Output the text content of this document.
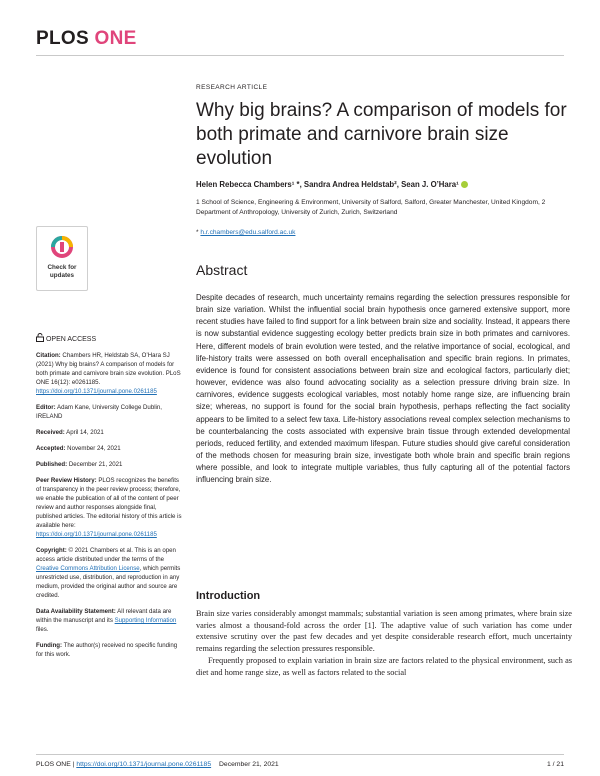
PLOS ONE
RESEARCH ARTICLE
Why big brains? A comparison of models for both primate and carnivore brain size evolution
Helen Rebecca Chambers¹ *, Sandra Andrea Heldstab², Sean J. O’Hara¹
1 School of Science, Engineering & Environment, University of Salford, Salford, Greater Manchester, United Kingdom, 2 Department of Anthropology, University of Zurich, Zurich, Switzerland
* h.r.chambers@edu.salford.ac.uk
Check for
updates
OPEN ACCESS
Citation: Chambers HR, Heldstab SA, O’Hara SJ (2021) Why big brains? A comparison of models for both primate and carnivore brain size evolution. PLoS ONE 16(12): e0261185. https://doi.org/10.1371/journal.pone.0261185
Editor: Adam Kane, University College Dublin, IRELAND
Received: April 14, 2021
Accepted: November 24, 2021
Published: December 21, 2021
Peer Review History: PLOS recognizes the benefits of transparency in the peer review process; therefore, we enable the publication of all of the content of peer review and author responses alongside final, published articles. The editorial history of this article is available here: https://doi.org/10.1371/journal.pone.0261185
Copyright: © 2021 Chambers et al. This is an open access article distributed under the terms of the Creative Commons Attribution License, which permits unrestricted use, distribution, and reproduction in any medium, provided the original author and source are credited.
Data Availability Statement: All relevant data are within the manuscript and its Supporting Information files.
Funding: The author(s) received no specific funding for this work.
Abstract
Despite decades of research, much uncertainty remains regarding the selection pressures responsible for brain size variation. Whilst the influential social brain hypothesis once garnered extensive support, more recent studies have failed to find support for a link between brain size and sociality. Instead, it appears there is now substantial evidence suggesting ecology better predicts brain size in both primates and carnivores. Here, different models of brain evolution were tested, and the relative importance of social, ecological, and life-history traits were assessed on both overall encephalisation and specific brain regions. In primates, evidence is found for consistent associations between brain size and ecological factors, particularly diet; however, evidence was also found advocating sociality as a selection pressure driving brain size. In carnivores, evidence suggests ecological variables, most notably home range size, are influencing brain size; whereas, no support is found for the social brain hypothesis, perhaps reflecting the fact sociality appears to be limited to a select few taxa. Life-history associations reveal complex selection mechanisms to be counterbalancing the costs associated with expensive brain tissue through extended developmental periods, reduced fertility, and extended maximum lifespan. Future studies should give careful consideration of the methods chosen for measuring brain size, investigate both whole brain and specific brain regions where possible, and look to integrate multiple variables, thus fully capturing all of the potential factors influencing brain size.
Introduction

Brain size varies considerably amongst mammals; substantial variation is seen among primates, where brain size varies almost a thousand-fold across the order [1]. The adaptive value of such variation has come under extensive scrutiny over the past few decades and yet despite considerable research effort, much uncertainty remains regarding the selection pressures responsible.

Frequently proposed to explain variation in brain size are factors related to the physical environment, such as diet and home range size, as well as factors related to the social

PLOS ONE | https://doi.org/10.1371/journal.pone.0261185 December 21, 2021	1 / 21
